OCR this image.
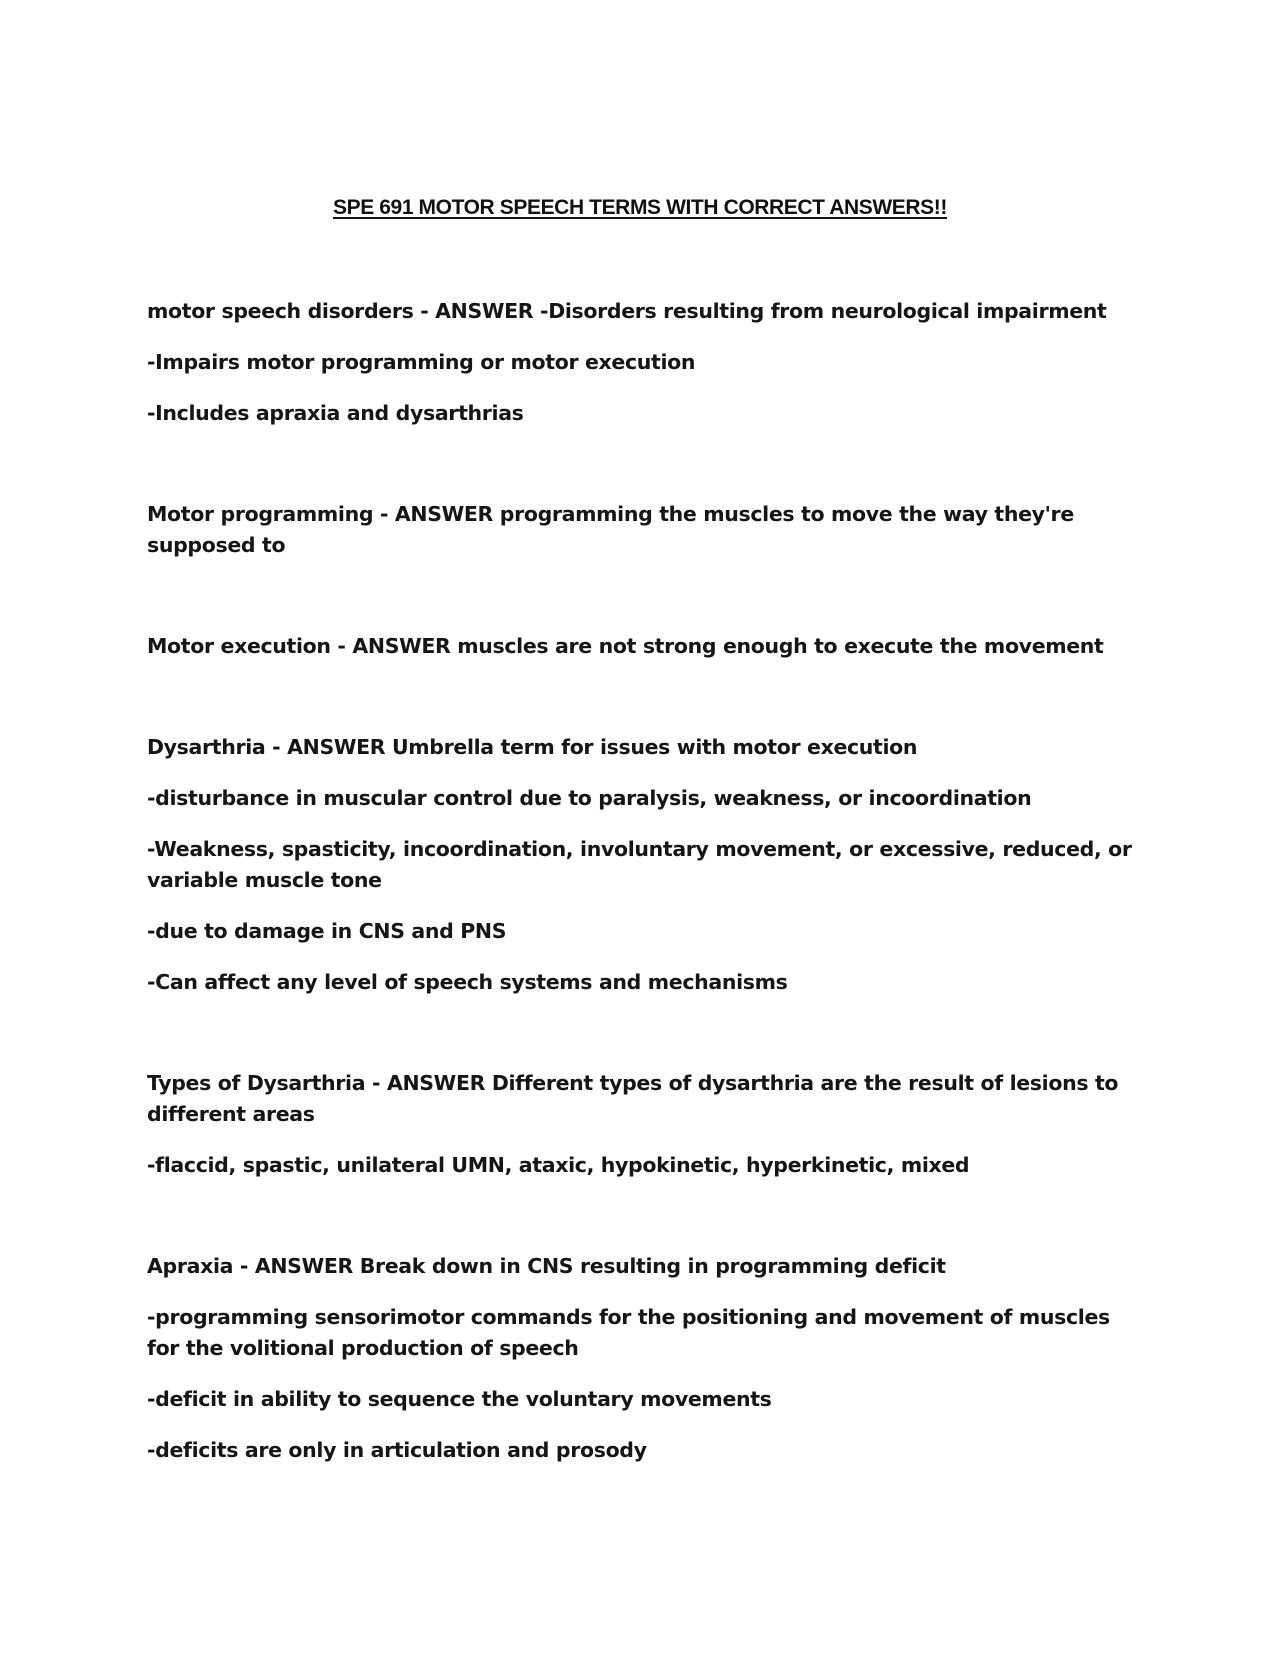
SPE 691 MOTOR SPEECH TERMS WITH CORRECT ANSWERS!!

motor speech disorders - ANSWER -Disorders resulting from neurological impairment

-Impairs motor programming or motor execution

-Includes apraxia and dysarthrias

Motor programming - ANSWER programming the muscles to move the way they're supposed to

Motor execution - ANSWER muscles are not strong enough to execute the movement

Dysarthria - ANSWER Umbrella term for issues with motor execution

-disturbance in muscular control due to paralysis, weakness, or incoordination

-Weakness, spasticity, incoordination, involuntary movement, or excessive, reduced, or variable muscle tone

-due to damage in CNS and PNS

-Can affect any level of speech systems and mechanisms

Types of Dysarthria - ANSWER Different types of dysarthria are the result of lesions to different areas

-flaccid, spastic, unilateral UMN, ataxic, hypokinetic, hyperkinetic, mixed

Apraxia - ANSWER Break down in CNS resulting in programming deficit

-programming sensorimotor commands for the positioning and movement of muscles for the volitional production of speech

-deficit in ability to sequence the voluntary movements

-deficits are only in articulation and prosody
